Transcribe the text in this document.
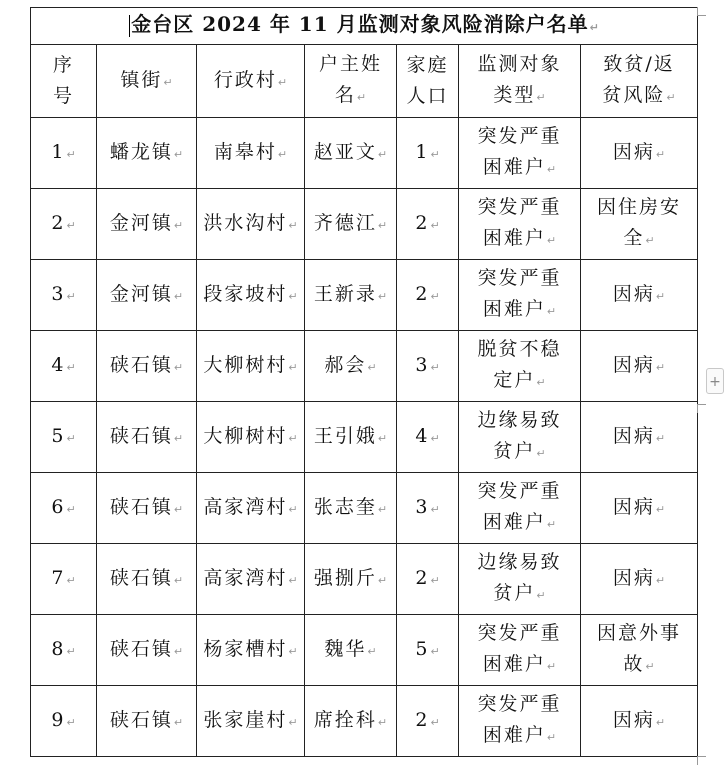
金台区 2024 年 11 月监测对象风险消除户名单↵						
序
号	镇街↵	行政村↵	户主姓
名↵	家庭
人口	监测对象
类型↵	致贫/返
贫风险↵
1↵	蟠龙镇↵	南皋村↵	赵亚文↵	1↵	突发严重
困难户↵	因病↵
2↵	金河镇↵	洪水沟村↵	齐德江↵	2↵	突发严重
困难户↵	因住房安
全↵
3↵	金河镇↵	段家坡村↵	王新录↵	2↵	突发严重
困难户↵	因病↵
4↵	硖石镇↵	大柳树村↵	郝会↵	3↵	脱贫不稳
定户↵	因病↵
5↵	硖石镇↵	大柳树村↵	王引娥↵	4↵	边缘易致
贫户↵	因病↵
6↵	硖石镇↵	高家湾村↵	张志奎↵	3↵	突发严重
困难户↵	因病↵
7↵	硖石镇↵	高家湾村↵	强捌斤↵	2↵	边缘易致
贫户↵	因病↵
8↵	硖石镇↵	杨家槽村↵	魏华↵	5↵	突发严重
困难户↵	因意外事
故↵
9↵	硖石镇↵	张家崖村↵	席拴科↵	2↵	突发严重
困难户↵	因病↵
+
